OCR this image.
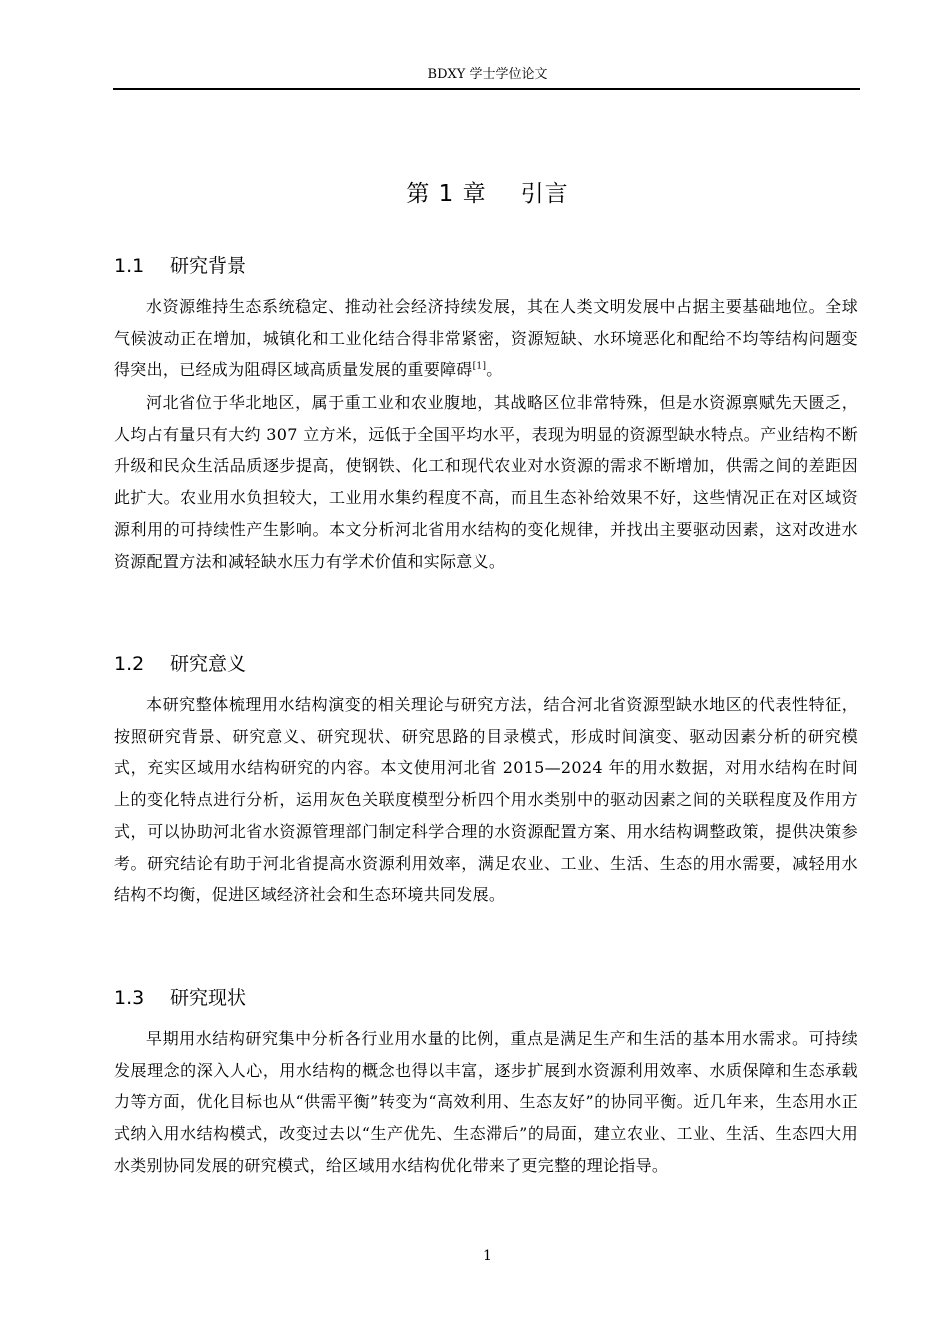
BDXY 学士学位论文
第 1 章 引言
1.1 研究背景

水资源维持生态系统稳定、推动社会经济持续发展，其在人类文明发展中占据主要基础地位。全球气候波动正在增加，城镇化和工业化结合得非常紧密，资源短缺、水环境恶化和配给不均等结构问题变得突出，已经成为阻碍区域高质量发展的重要障碍[1]。

河北省位于华北地区，属于重工业和农业腹地，其战略区位非常特殊，但是水资源禀赋先天匮乏，人均占有量只有大约 307 立方米，远低于全国平均水平，表现为明显的资源型缺水特点。产业结构不断升级和民众生活品质逐步提高，使钢铁、化工和现代农业对水资源的需求不断增加，供需之间的差距因此扩大。农业用水负担较大，工业用水集约程度不高，而且生态补给效果不好，这些情况正在对区域资源利用的可持续性产生影响。本文分析河北省用水结构的变化规律，并找出主要驱动因素，这对改进水资源配置方法和减轻缺水压力有学术价值和实际意义。

1.2 研究意义

本研究整体梳理用水结构演变的相关理论与研究方法，结合河北省资源型缺水地区的代表性特征，按照研究背景、研究意义、研究现状、研究思路的目录模式，形成时间演变、驱动因素分析的研究模式，充实区域用水结构研究的内容。本文使用河北省 2015—2024 年的用水数据，对用水结构在时间上的变化特点进行分析，运用灰色关联度模型分析四个用水类别中的驱动因素之间的关联程度及作用方式，可以协助河北省水资源管理部门制定科学合理的水资源配置方案、用水结构调整政策，提供决策参考。研究结论有助于河北省提高水资源利用效率，满足农业、工业、生活、生态的用水需要，减轻用水结构不均衡，促进区域经济社会和生态环境共同发展。

1.3 研究现状

早期用水结构研究集中分析各行业用水量的比例，重点是满足生产和生活的基本用水需求。可持续发展理念的深入人心，用水结构的概念也得以丰富，逐步扩展到水资源利用效率、水质保障和生态承载力等方面，优化目标也从“供需平衡”转变为“高效利用、生态友好”的协同平衡。近几年来，生态用水正式纳入用水结构模式，改变过去以“生产优先、生态滞后”的局面，建立农业、工业、生活、生态四大用水类别协同发展的研究模式，给区域用水结构优化带来了更完整的理论指导。

1
